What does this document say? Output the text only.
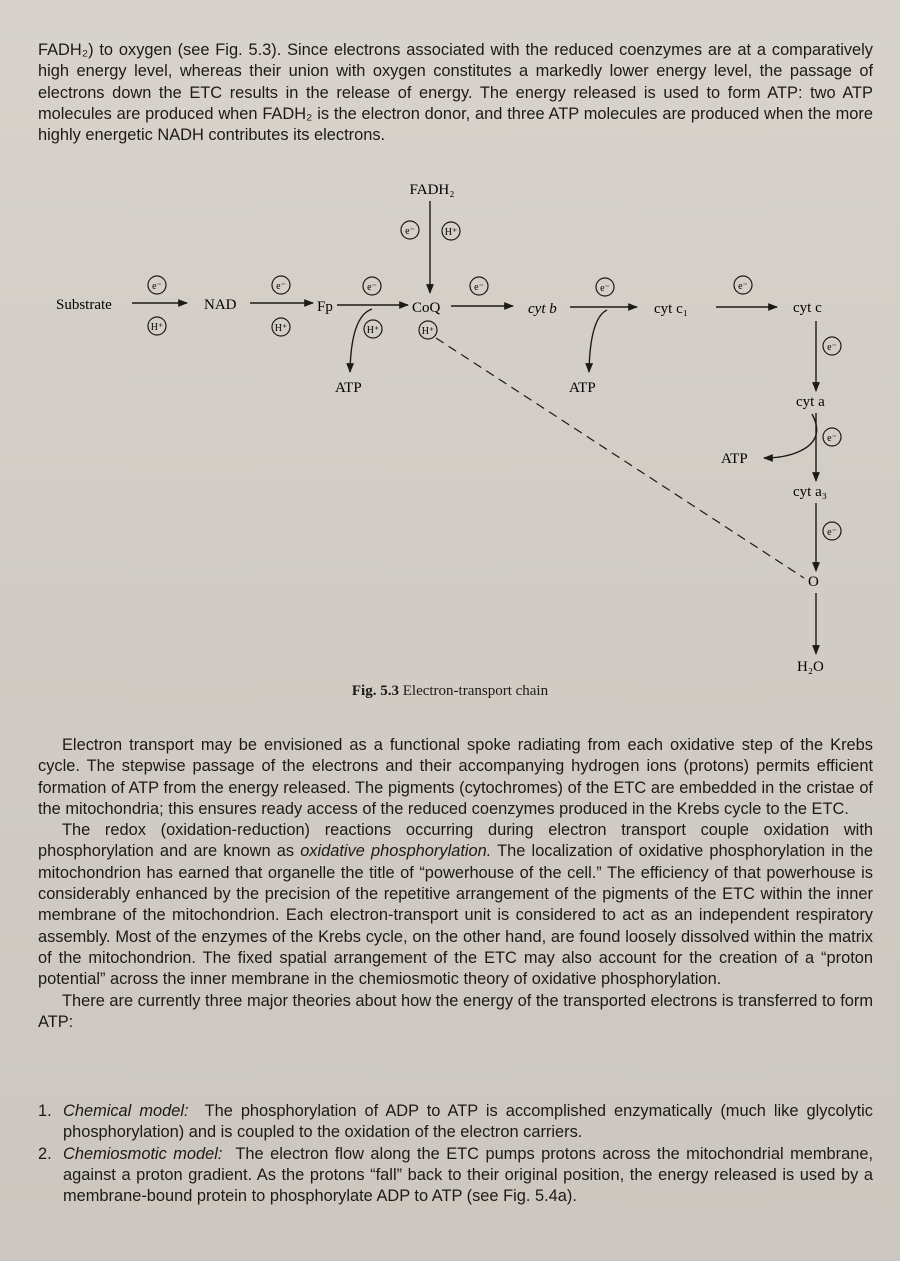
FADH₂) to oxygen (see Fig. 5.3). Since electrons associated with the reduced coenzymes are at a comparatively high energy level, whereas their union with oxygen constitutes a markedly lower energy level, the passage of electrons down the ETC results in the release of energy. The energy released is used to form ATP: two ATP molecules are produced when FADH₂ is the electron donor, and three ATP molecules are produced when the more highly energetic NADH contributes its electrons.

FADH₂
Substrate	NAD	Fp	CoQ	cyt b	cyt c₁	cyt c
cyt a
cyt a₃
O
H₂O
ATP	ATP
ATP
e⁻
e⁻	e⁻	e⁻	e⁻	e⁻	e⁻
e⁻
e⁻
e⁻
H⁺
H⁺	H⁺	H⁺	H⁺
Fig. 5.3 Electron-transport chain

Electron transport may be envisioned as a functional spoke radiating from each oxidative step of the Krebs cycle. The stepwise passage of the electrons and their accompanying hydrogen ions (protons) permits efficient formation of ATP from the energy released. The pigments (cytochromes) of the ETC are embedded in the cristae of the mitochondria; this ensures ready access of the reduced coenzymes produced in the Krebs cycle to the ETC.

The redox (oxidation-reduction) reactions occurring during electron transport couple oxidation with phosphorylation and are known as oxidative phosphorylation. The localization of oxidative phosphorylation in the mitochondrion has earned that organelle the title of “powerhouse of the cell.” The efficiency of that powerhouse is considerably enhanced by the precision of the repetitive arrangement of the pigments of the ETC within the inner membrane of the mitochondrion. Each electron-transport unit is considered to act as an independent respiratory assembly. Most of the enzymes of the Krebs cycle, on the other hand, are found loosely dissolved within the matrix of the mitochondrion. The fixed spatial arrangement of the ETC may also account for the creation of a “proton potential” across the inner membrane in the chemiosmotic theory of oxidative phosphorylation.

There are currently three major theories about how the energy of the transported electrons is transferred to form ATP:

1. Chemical model: The phosphorylation of ADP to ATP is accomplished enzymatically (much like glycolytic phosphorylation) and is coupled to the oxidation of the electron carriers.
2. Chemiosmotic model: The electron flow along the ETC pumps protons across the mitochondrial membrane, against a proton gradient. As the protons “fall” back to their original position, the energy released is used by a membrane-bound protein to phosphorylate ADP to ATP (see Fig. 5.4a).
